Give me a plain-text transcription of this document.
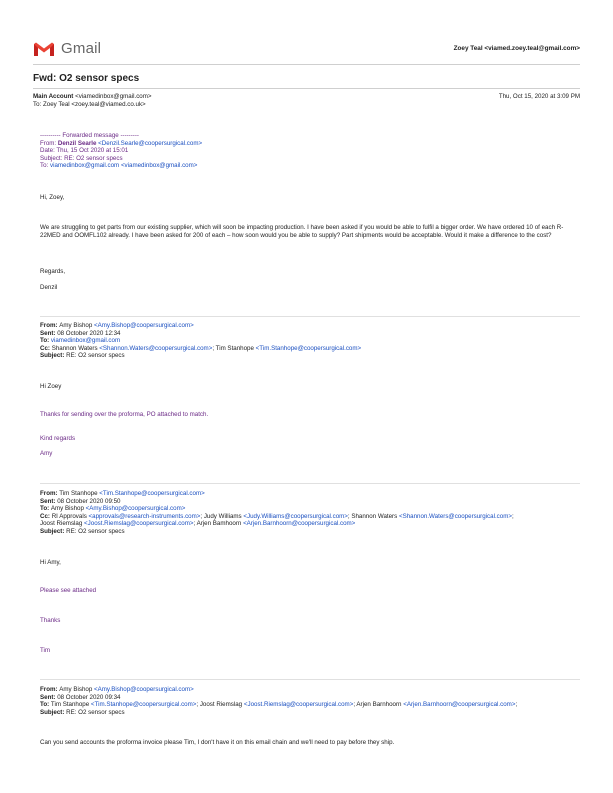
Gmail	Zoey Teal <viamed.zoey.teal@gmail.com>
Fwd: O2 sensor specs
Main Account <viamedinbox@gmail.com>	Thu, Oct 15, 2020 at 3:09 PM
To: Zoey Teal <zoey.teal@viamed.co.uk>
---------- Forwarded message ---------
From: Denzil Searle <Denzil.Searle@coopersurgical.com>
Date: Thu, 15 Oct 2020 at 15:01
Subject: RE: O2 sensor specs
To: viamedinbox@gmail.com <viamedinbox@gmail.com>
Hi, Zoey,
We are struggling to get parts from our existing supplier, which will soon be impacting production. I have been asked if you would be able to fulfil a bigger order. We have ordered 10 of each R-22MED and OOMFL102 already. I have been asked for 200 of each – how soon would you be able to supply? Part shipments would be acceptable. Would it make a difference to the cost?
Regards,
Denzil
From: Amy Bishop <Amy.Bishop@coopersurgical.com>
Sent: 08 October 2020 12:34
To: viamedinbox@gmail.com
Cc: Shannon Waters <Shannon.Waters@coopersurgical.com>; Tim Stanhope <Tim.Stanhope@coopersurgical.com>
Subject: RE: O2 sensor specs
Hi Zoey
Thanks for sending over the proforma, PO attached to match.
Kind regards
Amy
From: Tim Stanhope <Tim.Stanhope@coopersurgical.com>
Sent: 08 October 2020 09:50
To: Amy Bishop <Amy.Bishop@coopersurgical.com>
Cc: RI Approvals <approvals@research-instruments.com>; Judy Williams <Judy.Williams@coopersurgical.com>; Shannon Waters <Shannon.Waters@coopersurgical.com>;
Joost Riemslag <Joost.Riemslag@coopersurgical.com>; Arjen Bamhoorn <Arjen.Barnhoorn@coopersurgical.com>
Subject: RE: O2 sensor specs
Hi Amy,
Please see attached
Thanks
Tim
From: Amy Bishop <Amy.Bishop@coopersurgical.com>
Sent: 08 October 2020 09:34
To: Tim Stanhope <Tim.Stanhope@coopersurgical.com>; Joost Riemslag <Joost.Riemslag@coopersurgical.com>; Arjen Barnhoorn <Arjen.Barnhoorn@coopersurgical.com>;
Subject: RE: O2 sensor specs
Can you send accounts the proforma invoice please Tim, I don't have it on this email chain and we'll need to pay before they ship.
